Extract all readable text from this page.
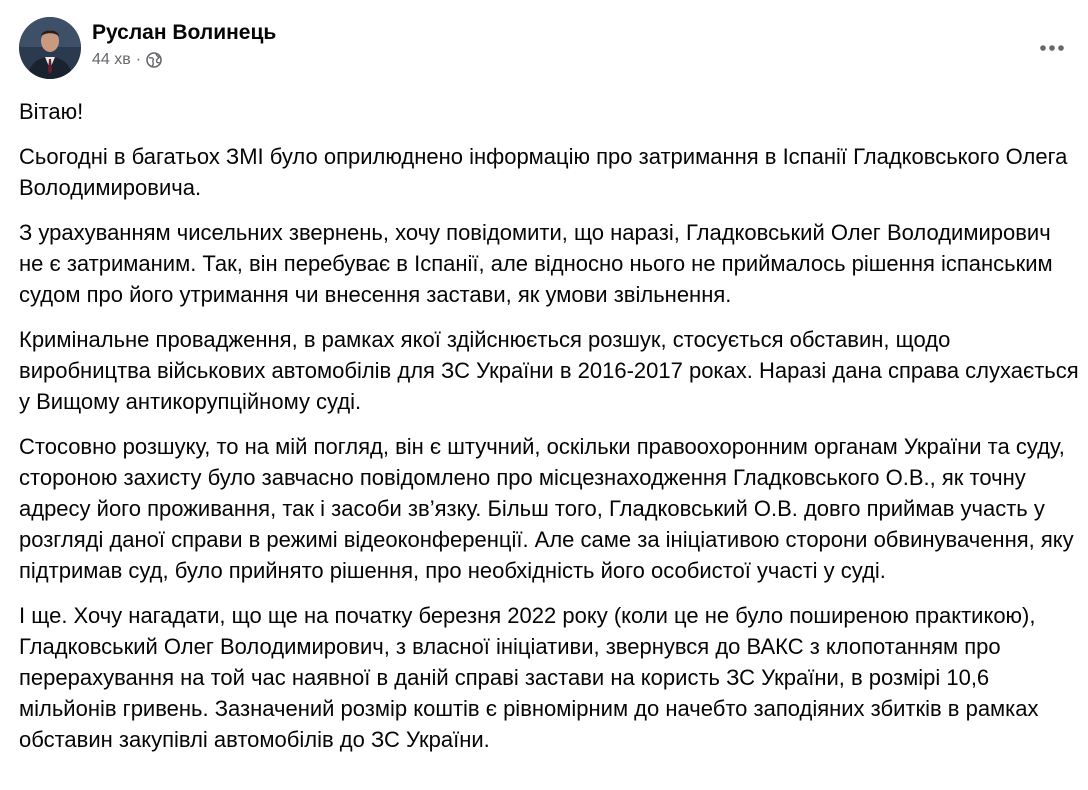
Руслан Волинець
44 хв ·

Вітаю!

Сьогодні в багатьох ЗМІ було оприлюднено інформацію про затримання в Іспанії Гладковського Олега Володимировича.

З урахуванням чисельних звернень, хочу повідомити, що наразі, Гладковський Олег Володимирович не є затриманим. Так, він перебуває в Іспанії, але відносно нього не приймалось рішення іспанським судом про його утримання чи внесення застави, як умови звільнення.

Кримінальне провадження, в рамках якої здійснюється розшук, стосується обставин, щодо виробництва військових автомобілів для ЗС України в 2016-2017 роках. Наразі дана справа слухається у Вищому антикорупційному суді.

Стосовно розшуку, то на мій погляд, він є штучний, оскільки правоохоронним органам України та суду, стороною захисту було завчасно повідомлено про місцезнаходження Гладковського О.В., як точну адресу його проживання, так і засоби зв’язку. Більш того, Гладковський О.В. довго приймав участь у розгляді даної справи в режимі відеоконференції. Але саме за ініціативою сторони обвинувачення, яку підтримав суд, було прийнято рішення, про необхідність його особистої участі у суді.

І ще. Хочу нагадати, що ще на початку березня 2022 року (коли це не було поширеною практикою), Гладковський Олег Володимирович, з власної ініціативи, звернувся до ВАКС з клопотанням про перерахування на той час наявної в даній справі застави на користь ЗС України, в розмірі 10,6 мільйонів гривень. Зазначений розмір коштів є рівномірним до начебто заподіяних збитків в рамках обставин закупівлі автомобілів до ЗС України.
